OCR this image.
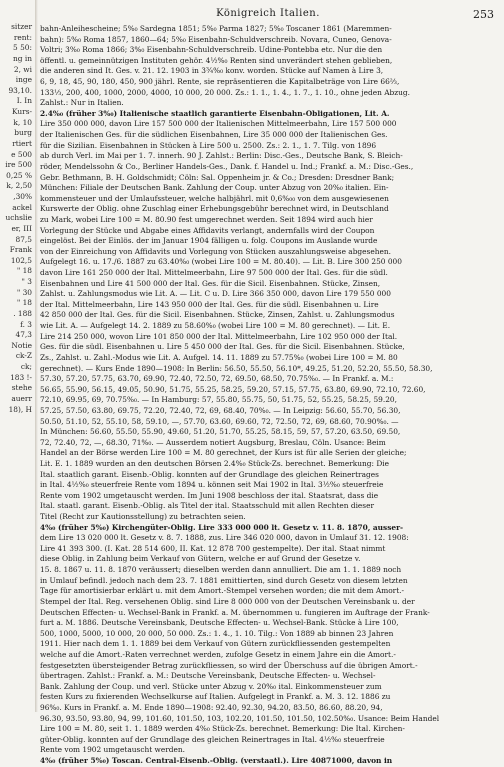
sitzer
rent:
5 50:
ng in
2, wi
inge
93,10.
I. In
Kurs-
k, 10
burg
rtiert
e 500
ire 500
0,25 %
k, 2,50
,30%
ackel
uchslie
er, III
87,5
Frank
102,5
" 18
" 3
" 30
" 18
. 188
f. 3
47,3
Notie
ck-Z
ck;
183 !-
stehe
auerr
18), H
Königreich Italien.	253
bahn-Anleihescheine; 5%₀ Sardegna 1851; 5%₀ Parma 1827; 5%₀ Toscaner 1861 (Maremmen-
bahn): 5%₀ Roma 1857, 1860—64; 5%₀ Eisenbahn-Schuldverschreib. Novara, Cuneo, Genova-
Voltri; 3%₀ Roma 1866; 3%₀ Eisenbahn-Schuldverschreib. Udine-Pontebba etc. Nur die den
öffentl. u. gemeinnützigen Instituten gehör. 4½%₀ Renten sind unverändert stehen geblieben,
die anderen sind It. Ges. v. 21. 12. 1903 in 3¾%₀ konv. worden. Stücke auf Namen à Lire 3,
6, 9, 18, 45, 90, 180, 450, 900 jährl. Rente, sie repräsentieren die Kapitalbeträge von Lire 66⅔,
133⅓, 200, 400, 1000, 2000, 4000, 10 000, 20 000. Zs.: 1. 1., 1. 4., 1. 7., 1. 10., ohne jeden Abzug.
Zahlst.: Nur in Italien.
2.4%₀ (früher 3%₀) Italienische staatlich garantierte Eisenbahn-Obligationen, Lit. A.
Lire 350 000 000, davon Lire 157 500 000 der Italienischen Mittelmeerbahn, Lire 157 500 000
der Italienischen Ges. für die südlichen Eisenbahnen, Lire 35 000 000 der Italienischen Ges.
für die Sizilian. Eisenbahnen in Stücken à Lire 500 u. 2500. Zs.: 2. 1., 1. 7. Tilg. von 1896
ab durch Verl. im Mai per 1. 7. innerh. 90 J. Zahlst.: Berlin: Disc.-Ges., Deutsche Bank, S. Bleich-
röder, Mendelssohn & Co., Berliner Handels-Ges., Dank. f. Handel u. Ind.; Frankf. a. M.: Disc.-Ges.,
Gebr. Bethmann, B. H. Goldschmidt; Cöln: Sal. Oppenheim jr. & Co.; Dresden: Dresdner Bank;
München: Filiale der Deutschen Bank. Zahlung der Coup. unter Abzug von 20%₀ italien. Ein-
kommensteuer und der Umlaufssteuer, welche halbjährl. mit 0,6%₀₀ von dem ausgewiesenen
Kurswerte der Oblig. ohne Zuschlag einer Erhebungsgebühr berechnet wird, in Deutschland
zu Mark, wobei Lire 100 = M. 80.90 fest umgerechnet werden. Seit 1894 wird auch hier
Vorlegung der Stücke und Abgabe eines Affidavits verlangt, andernfalls wird der Coupon
eingelöst. Bei der Einlös. der im Januar 1904 fälligen u. folg. Coupons im Auslande wurde
von der Einreichung von Affidavits und Vorlegung von Stücken auszahlungsweise abgesehen.
Aufgelegt 16. u. 17./6. 1887 zu 63.40%₀ (wobei Lire 100 = M. 80.40). — Lit. B. Lire 300 250 000
davon Lire 161 250 000 der Ital. Mittelmeerbahn, Lire 97 500 000 der Ital. Ges. für die südl.
Eisenbahnen und Lire 41 500 000 der Ital. Ges. für die Sicil. Eisenbahnen. Stücke, Zinsen,
Zahlst. u. Zahlungsmodus wie Lit. A. — Lit. C u. D. Lire 366 350 000, davon Lire 179 550 000
der Ital. Mittelmeerbahn, Lire 143 950 000 der Ital. Ges. für die südl. Eisenbahnen u. Lire
42 850 000 der Ital. Ges. für die Sicil. Eisenbahnen. Stücke, Zinsen, Zahlst. u. Zahlungsmodus
wie Lit. A. — Aufgelegt 14. 2. 1889 zu 58.60%₀ (wobei Lire 100 = M. 80 gerechnet). — Lit. E.
Lire 214 250 000, wovon Lire 101 850 000 der Ital. Mittelmeerbahn, Lire 102 950 000 der Ital.
Ges. für die südl. Eisenbahnen u. Lire 5 450 000 der Ital. Ges. für die Sicil. Eisenbahnen. Stücke,
Zs., Zahlst. u. Zahl.-Modus wie Lit. A. Aufgel. 14. 11. 1889 zu 57.75%₀ (wobei Lire 100 = M. 80
gerechnet). — Kurs Ende 1890—1908: In Berlin: 56.50, 55.50, 56.10*, 49.25, 51.20, 52.20, 55.50, 58.30,
57.30, 57.20, 57.75, 63.70, 69.90, 72.40, 72.50, 72, 69.50, 68.50, 70.75%₀. — In Frankf. a. M.:
56.65, 55.90, 56.15, 49.05, 50.90, 51.75, 55.25, 58.25, 59.20, 57.15, 57.75, 63.80, 69.90, 72.10, 72.60,
72.10, 69.95, 69, 70.75%₀. — In Hamburg: 57, 55.80, 55.75, 50, 51.75, 52, 55.25, 58.25, 59.20,
57.25, 57.50, 63.80, 69.75, 72.20, 72.40, 72, 69, 68.40, 70%₀. — In Leipzig: 56.60, 55.70, 56.30,
50.50, 51.10, 52, 55.10, 58, 59.10, —, 57.70, 63.60, 69.60, 72, 72.50, 72, 69, 68.60, 70.90%₀. —
In München: 56.60, 55.50, 55.90, 49.60, 51.20, 51.70, 55.25, 58.15, 59, 57, 57.20, 63.50, 69.50,
72, 72.40, 72, —, 68.30, 71%₀. — Ausserdem notiert Augsburg, Breslau, Cöln. Usance: Beim
Handel an der Börse werden Lire 100 = M. 80 gerechnet, der Kurs ist für alle Serien der gleiche;
Lit. E. 1. 1889 wurden an den deutschen Börsen 2.4%₀ Stück-Zs. berechnet. Bemerkung: Die
Ital. staatlich garant. Eisenb.-Oblig. konnten auf der Grundlage des gleichen Reinertrages
in Ital. 4½%₀ steuerfreie Rente vom 1894 u. können seit Mai 1902 in Ital. 3½%₀ steuerfreie
Rente vom 1902 umgetauscht werden. Im Juni 1908 beschloss der ital. Staatsrat, dass die
Ital. staatl. garant. Eisenb.-Oblig. als Titel der ital. Staatsschuld mit allen Rechten dieser
Titel (Recht zur Kautionsstellung) zu betrachten seien.
4%₀ (früher 5%₀) Kirchengüter-Oblig. Lire 333 000 000 lt. Gesetz v. 11. 8. 1870, ausser-
dem Lire 13 020 000 lt. Gesetz v. 8. 7. 1888, zus. Lire 346 020 000, davon in Umlauf 31. 12. 1908:
Lire 41 393 300. (I. Kat. 28 514 600, II. Kat. 12 878 700 gestempelte). Der ital. Staat nimmt
diese Oblig. in Zahlung beim Verkauf von Gütern, welche er auf Grund der Gesetze v.
15. 8. 1867 u. 11. 8. 1870 veräussert; dieselben werden dann annulliert. Die am 1. 1. 1889 noch
in Umlauf befindl. jedoch nach dem 23. 7. 1881 emittierten, sind durch Gesetz von diesem letzten
Tage für amortisierbar erklärt u. mit dem Amort.-Stempel versehen worden; die mit dem Amort.-
Stempel der Ital. Reg. versehenen Oblig. sind Lire 8 000 000 von der Deutschen Vereinsbank u. der
Deutschen Effecten- u. Wechsel-Bank in Frankf. a. M. übernommen u. fungieren im Auftrage der Frank-
furt a. M. 1886. Deutsche Vereinsbank, Deutsche Effecten- u. Wechsel-Bank. Stücke à Lire 100,
500, 1000, 5000, 10 000, 20 000, 50 000. Zs.: 1. 4., 1. 10. Tilg.: Von 1889 ab binnen 23 Jahren
1911. Hier nach dem 1. 1. 1889 bei dem Verkauf von Gütern zurückfliessenden gestempelten
welche auf die Amort.-Raten verrechnet werden, zufolge Gesetz in einem Jahre ein die Amort.-
festgesetzten übersteigender Betrag zurückfliessen, so wird der Überschuss auf die übrigen Amort.-
übertragen. Zahlst.: Frankf. a. M.: Deutsche Vereinsbank, Deutsche Effecten- u. Wechsel-
Bank. Zahlung der Coup. und verl. Stücke unter Abzug v. 20%₀ ital. Einkommensteuer zum
festen Kurs zu fixierenden Wechselkurse auf Italien. Aufgelegt in Frankf. a. M. 3. 12. 1886 zu
96%₀. Kurs in Frankf. a. M. Ende 1890—1908: 92.40, 92.30, 94.20, 83.50, 86.60, 88.20, 94,
96.30, 93.50, 93.80, 94, 99, 101.60, 101.50, 103, 102.20, 101.50, 101.50, 102.50%₀. Usance: Beim Handel
Lire 100 = M. 80, seit 1. 1. 1889 werden 4%₀ Stück-Zs. berechnet. Bemerkung: Die Ital. Kirchen-
güter-Oblig. konnten auf der Grundlage des gleichen Reinertrages in Ital. 4½%₀ steuerfreie
Rente vom 1902 umgetauscht werden.
4%₀ (früher 5%₀) Toscan. Central-Eisenb.-Oblig. (verstaatl.). Lire 40871000, davon in
